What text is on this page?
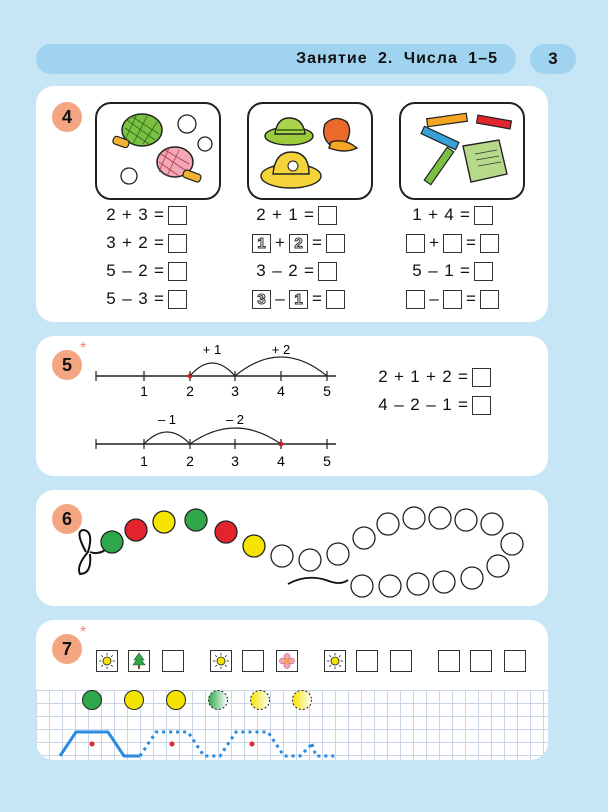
Занятие 2. Числа 1–5	3
4
2 + 3 =
3 + 2 =
5 – 2 =
5 – 3 =
2 + 1 =
1 + 2 =
3 – 2 =
3 – 1 =
1 + 4 =
+ =
5 – 1 =
– =
5
*
1	2	3	4	5
+ 1	+ 2
1	2	3	4	5
– 1	– 2
2 + 1 + 2 =
4 – 2 – 1 =
6
7
*
